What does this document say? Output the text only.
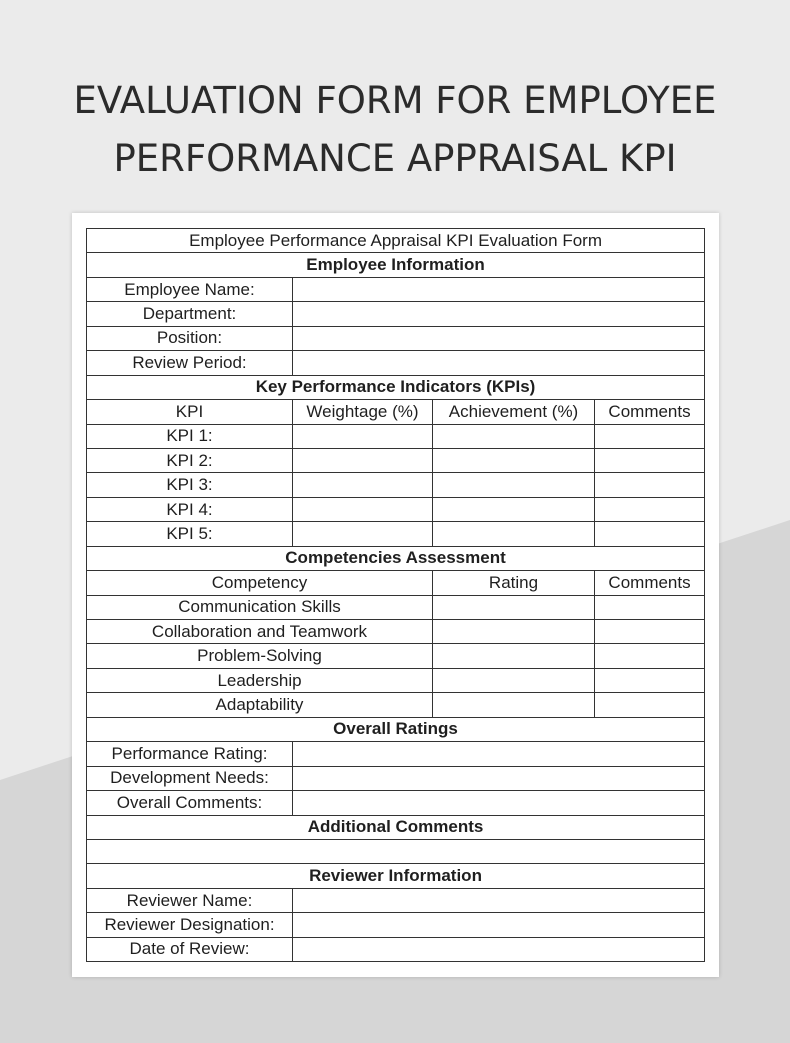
EVALUATION FORM FOR EMPLOYEE
PERFORMANCE APPRAISAL KPI
Employee Performance Appraisal KPI Evaluation Form			
Employee Information			
Employee Name:			
Department:			
Position:			
Review Period:			
Key Performance Indicators (KPIs)			
KPI	Weightage (%)	Achievement (%)	Comments
KPI 1:			
KPI 2:			
KPI 3:			
KPI 4:			
KPI 5:			
Competencies Assessment			
Competency		Rating	Comments
Communication Skills			
Collaboration and Teamwork			
Problem-Solving			
Leadership			
Adaptability			
Overall Ratings			
Performance Rating:			
Development Needs:			
Overall Comments:			
Additional Comments			

Reviewer Information			
Reviewer Name:			
Reviewer Designation:			
Date of Review:			
